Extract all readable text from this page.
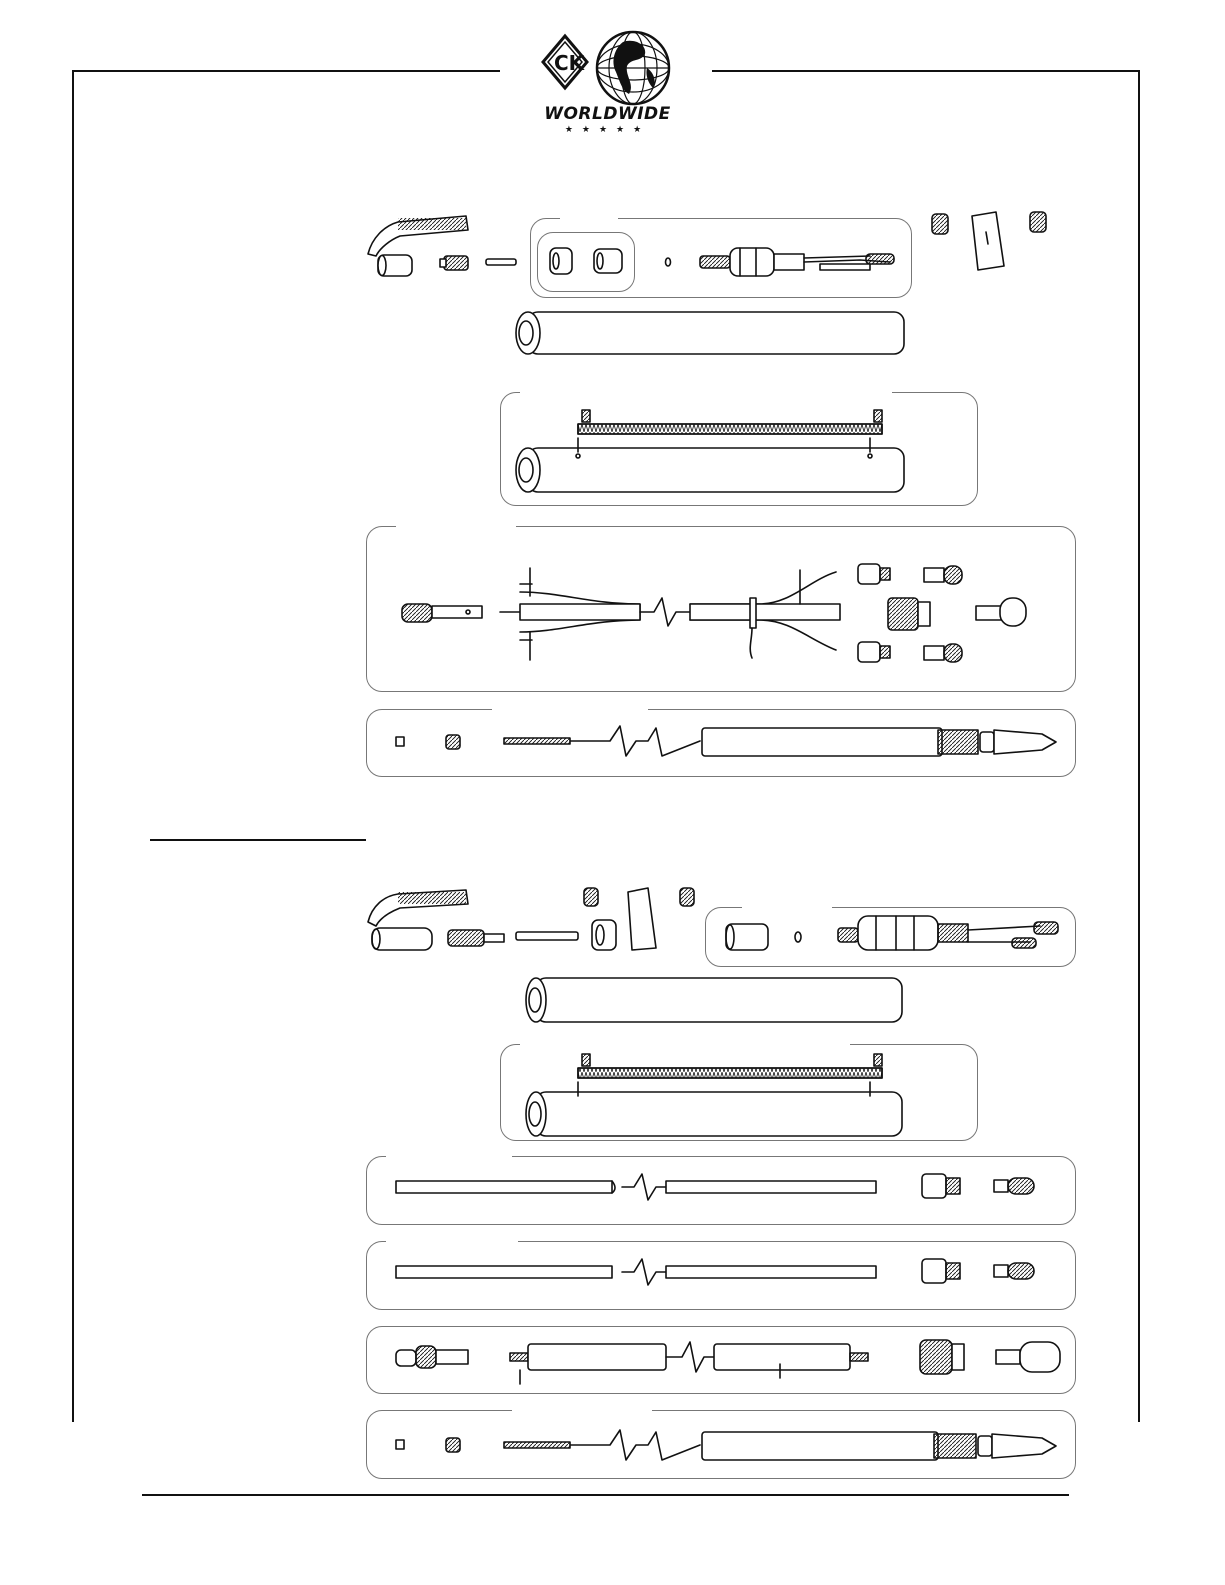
CK
WORLDWIDE
★★★★★
